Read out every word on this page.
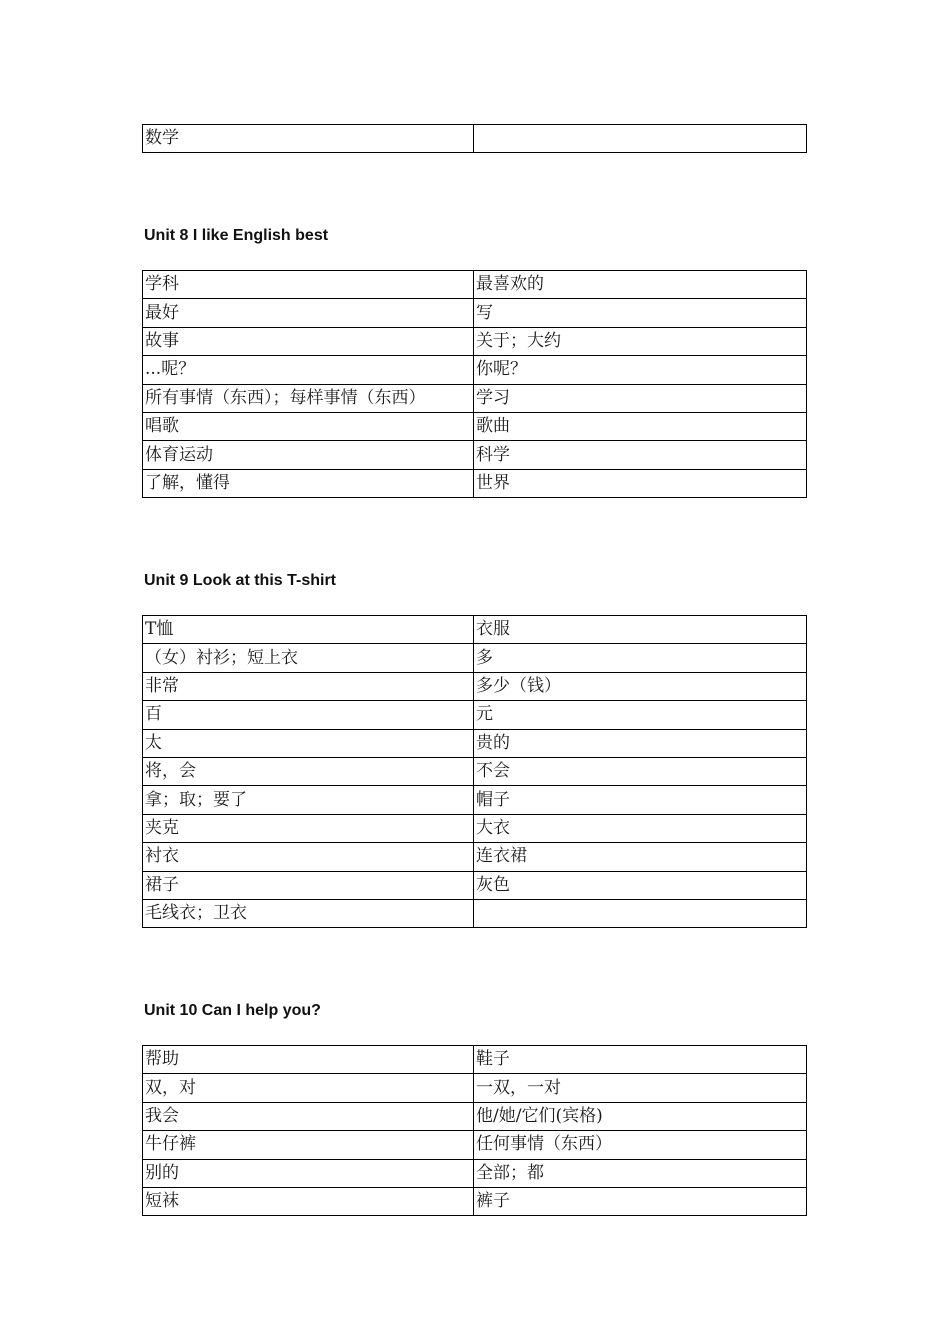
数学	
Unit 8 I like English best
学科	最喜欢的
最好	写
故事	关于；大约
...呢？	你呢？
所有事情（东西）；每样事情（东西）	学习
唱歌	歌曲
体育运动	科学
了解，懂得	世界
Unit 9 Look at this T-shirt
T恤	衣服
（女）衬衫；短上衣	多
非常	多少（钱）
百	元
太	贵的
将，会	不会
拿；取；要了	帽子
夹克	大衣
衬衣	连衣裙
裙子	灰色
毛线衣；卫衣	
Unit 10 Can I help you?
帮助	鞋子
双，对	一双，一对
我会	他/她/它们(宾格)
牛仔裤	任何事情（东西）
别的	全部；都
短袜	裤子
